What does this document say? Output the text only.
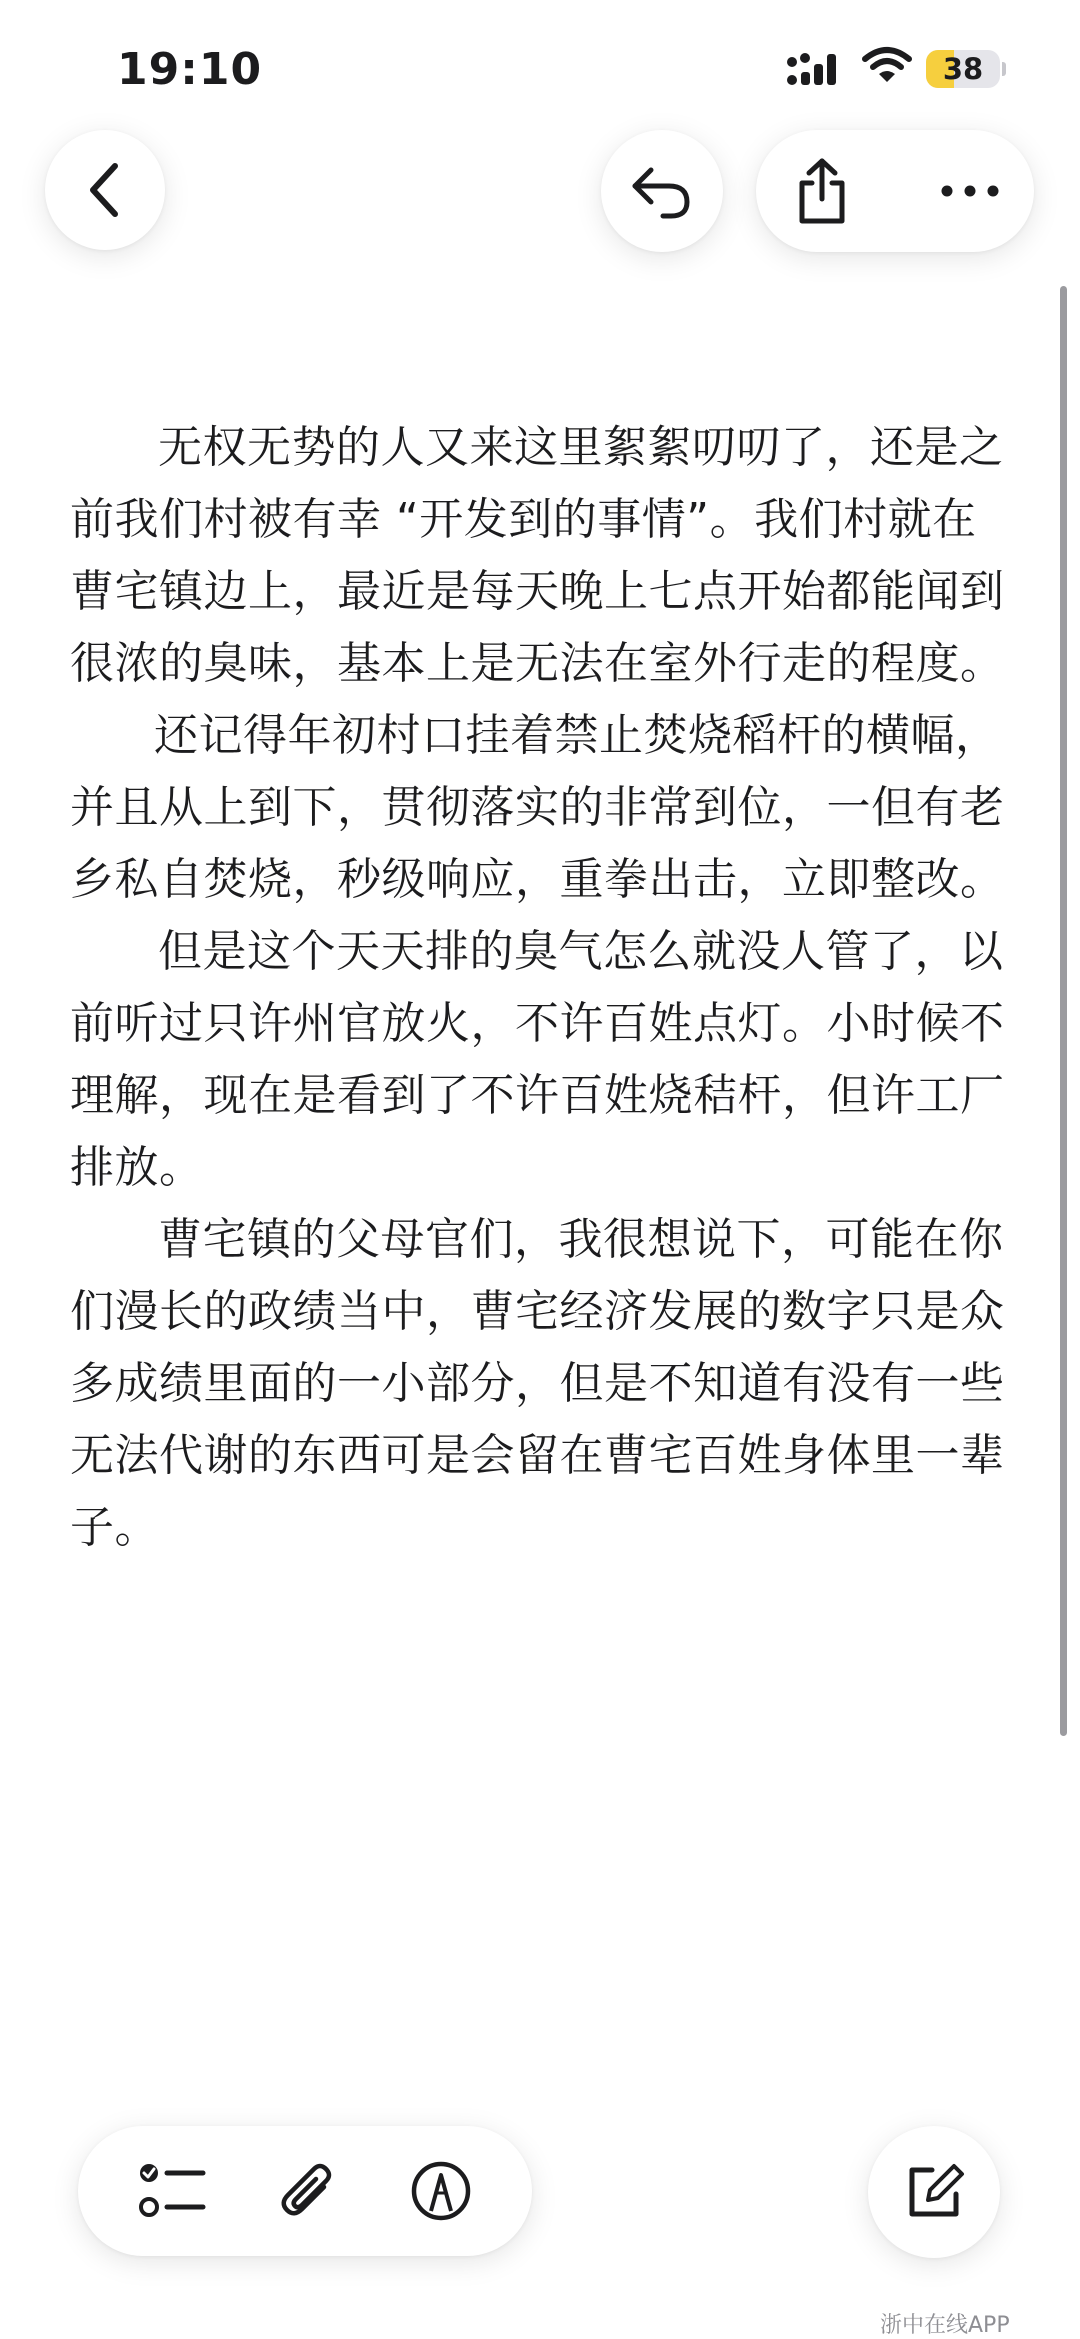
19:10	38

无权无势的人又来这里絮絮叨叨了，还是之前我们村被有幸 “开发到的事情”。我们村就在曹宅镇边上，最近是每天晚上七点开始都能闻到很浓的臭味，基本上是无法在室外行走的程度。

还记得年初村口挂着禁止焚烧稻杆的横幅，并且从上到下，贯彻落实的非常到位，一但有老乡私自焚烧，秒级响应，重拳出击，立即整改。

但是这个天天排的臭气怎么就没人管了，以前听过只许州官放火，不许百姓点灯。小时候不理解，现在是看到了不许百姓烧秸杆，但许工厂排放。

曹宅镇的父母官们，我很想说下，可能在你们漫长的政绩当中，曹宅经济发展的数字只是众多成绩里面的一小部分，但是不知道有没有一些无法代谢的东西可是会留在曹宅百姓身体里一辈子。

浙中在线APP
